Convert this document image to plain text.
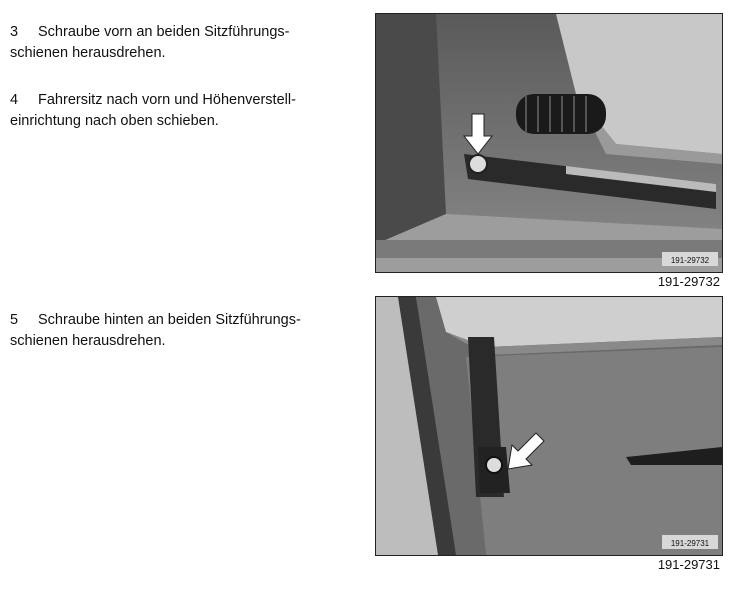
3 Schraube vorn an beiden Sitzführungs-
schienen herausdrehen.
4 Fahrersitz nach vorn und Höhenverstell-
einrichtung nach oben schieben.
5 Schraube hinten an beiden Sitzführungs-
schienen herausdrehen.
191-29732
191-29732
191-29731
191-29731
